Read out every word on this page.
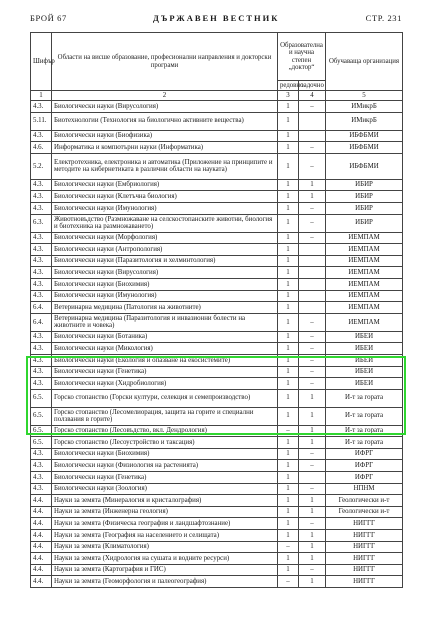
БРОЙ 67	ДЪРЖАВЕН ВЕСТНИК	СТР. 231
Шифър	Области на висше образование, професионални направления и докторски програми	Образователна и научна степен „доктор“		Обучаваща организация
		редовно	задочно	
1	2	3	4	5
4.3.	Биологически науки (Вирусология)	1	–	ИМикрБ
5.11.	Биотехнологии (Технология на биологично активните вещества)	1		ИМикрБ
4.3.	Биологически науки (Биофизика)	1		ИБФБМИ
4.6.	Информатика и компютърни науки (Информатика)	1	–	ИБФБМИ
5.2.	Електротехника, електроника и автоматика (Приложение на принципите и методите на кибернетиката в различни области на науката)	1	–	ИБФБМИ
4.3.	Биологически науки (Ембриология)	1	1	ИБИР
4.3.	Биологически науки (Клетъчна биология)	1	1	ИБИР
4.3.	Биологически науки (Имунология)	1	–	ИБИР
6.3.	Животновъдство (Размножаване на селскостопанските животни, биология и биотехника на размножаването)	1	–	ИБИР
4.3.	Биологически науки (Морфология)	1	–	ИЕМПАМ
4.3.	Биологически науки (Антропология)	1		ИЕМПАМ
4.3.	Биологически науки (Паразитология и хелминтология)	1		ИЕМПАМ
4.3.	Биологически науки (Вирусология)	1		ИЕМПАМ
4.3.	Биологически науки (Биохимия)	1		ИЕМПАМ
4.3.	Биологически науки (Имунология)	1		ИЕМПАМ
6.4.	Ветеринарна медицина (Патология на животните)	1		ИЕМПАМ
6.4.	Ветеринарна медицина (Паразитология и инвазионни болести на животните и човека)	1	–	ИЕМПАМ
4.3.	Биологически науки (Ботаника)	1	–	ИБЕИ
4.3.	Биологически науки (Микология)	1	–	ИБЕИ
4.3.	Биологически науки (Екология и опазване на екосистемите)	1	–	ИБЕИ
4.3.	Биологически науки (Генетика)	1	–	ИБЕИ
4.3.	Биологически науки (Хидробиология)	1	–	ИБЕИ
6.5.	Горско стопанство (Горски култури, селекция и семепроизводство)	1	1	И-т за гората
6.5.	Горско стопанство (Лесомелиорация, защита на горите и специални ползвания в горите)	1	1	И-т за гората
6.5.	Горско стопанство (Лесовъдство, вкл. Дендрология)	–	1	И-т за гората
6.5.	Горско стопанство (Лесоустройство и таксация)	1	1	И-т за гората
4.3.	Биологически науки (Биохимия)	1	–	ИФРГ
4.3.	Биологически науки (Физиология на растенията)	1	–	ИФРГ
4.3.	Биологически науки (Генетика)	1		ИФРГ
4.3.	Биологически науки (Зоология)	1	–	НПНМ
4.4.	Науки за земята (Минералогия и кристалография)	1	1	Геологически и-т
4.4.	Науки за земята (Инженерна геология)	1	1	Геологически и-т
4.4.	Науки за земята (Физическа география и ландшафтознание)	1	–	НИГГГ
4.4.	Науки за земята (География на населението и селищата)	1	1	НИГГГ
4.4.	Науки за земята (Климатология)	–	1	НИГГГ
4.4.	Науки за земята (Хидрология на сушата и водните ресурси)	1	1	НИГГГ
4.4.	Науки за земята (Картография и ГИС)	1	–	НИГГГ
4.4.	Науки за земята (Геоморфология и палеогеография)	–	1	НИГГГ
